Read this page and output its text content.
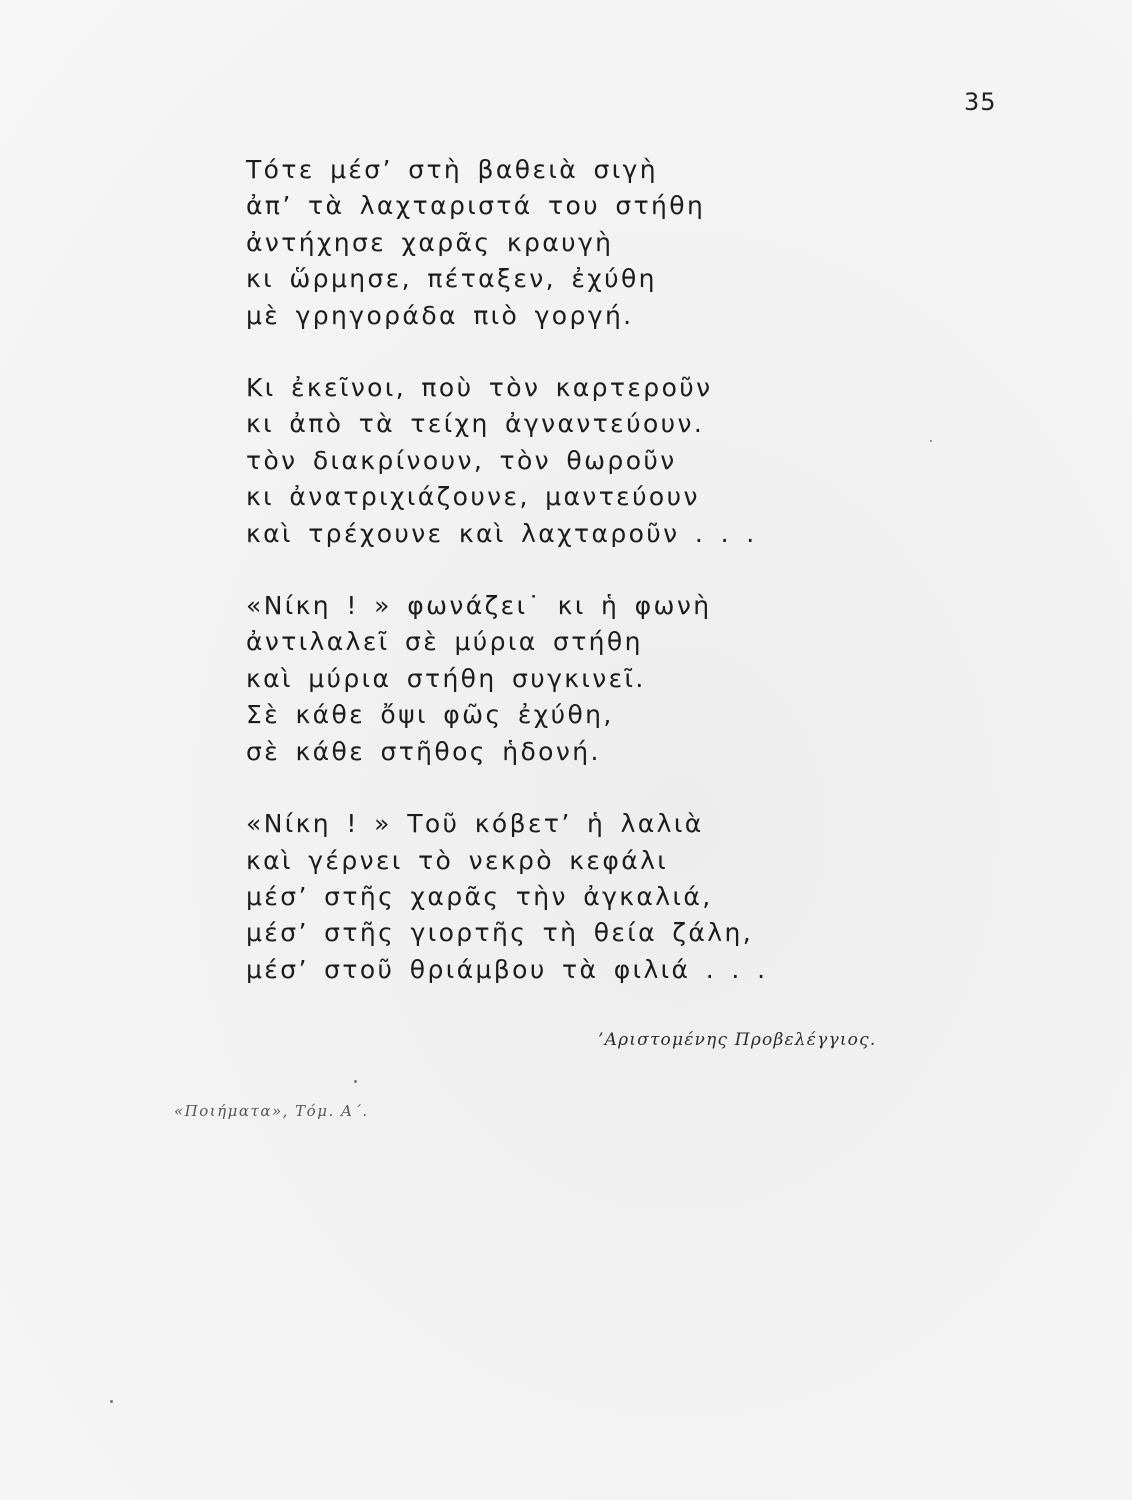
35
Τότε μέσ’ στὴ βαθειὰ σιγὴ
ἀπ’ τὰ λαχταριστά του στήθη
ἀντήχησε χαρᾶς κραυγὴ
κι ὥρμησε, πέταξεν, ἐχύθη
μὲ γρηγοράδα πιὸ γοργή.
Κι ἐκεῖνοι, ποὺ τὸν καρτεροῦν
κι ἀπὸ τὰ τείχη ἀγναντεύουν.
τὸν διακρίνουν, τὸν θωροῦν
κι ἀνατριχιάζουνε, μαντεύουν
καὶ τρέχουνε καὶ λαχταροῦν . . .
«Νίκη ! » φωνάζει˙ κι ἡ φωνὴ
ἀντιλαλεῖ σὲ μύρια στήθη
καὶ μύρια στήθη συγκινεῖ.
Σὲ κάθε ὄψι φῶς ἐχύθη,
σὲ κάθε στῆθος ἡδονή.
«Νίκη ! » Τοῦ κόβετ’ ἡ λαλιὰ
καὶ γέρνει τὸ νεκρὸ κεφάλι
μέσ’ στῆς χαρᾶς τὴν ἀγκαλιά,
μέσ’ στῆς γιορτῆς τὴ θεία ζάλη,
μέσ’ στοῦ θριάμβου τὰ φιλιά . . .
’Αριστομένης Προβελέγγιος.
«Ποιήματα», Τόμ. Α΄.
